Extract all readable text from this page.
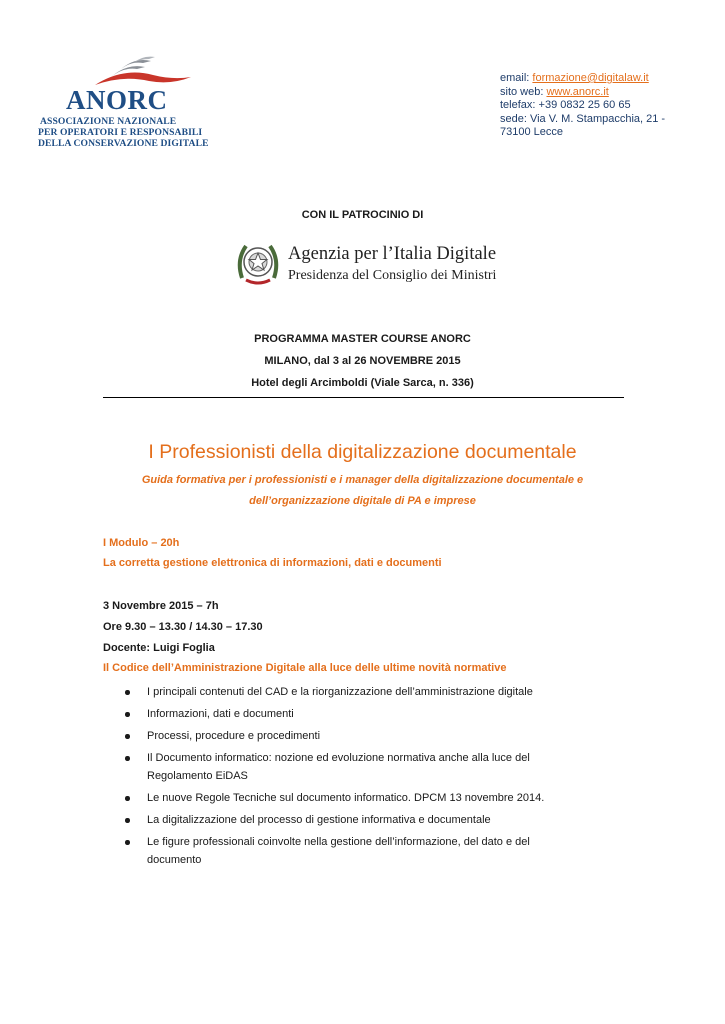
ANORC
ASSOCIAZIONE NAZIONALE
PER OPERATORI E RESPONSABILI
DELLA CONSERVAZIONE DIGITALE
email: formazione@digitalaw.it
sito web: www.anorc.it
telefax: +39 0832 25 60 65
sede: Via V. M. Stampacchia, 21 -
73100 Lecce
CON IL PATROCINIO DI
Agenzia per l’Italia Digitale
Presidenza del Consiglio dei Ministri
PROGRAMMA MASTER COURSE ANORC
MILANO, dal 3 al 26 NOVEMBRE 2015
Hotel degli Arcimboldi (Viale Sarca, n. 336)
I Professionisti della digitalizzazione documentale
Guida formativa per i professionisti e i manager della digitalizzazione documentale e
dell’organizzazione digitale di PA e imprese
I Modulo – 20h
La corretta gestione elettronica di informazioni, dati e documenti
3 Novembre 2015 – 7h
Ore 9.30 – 13.30 / 14.30 – 17.30
Docente: Luigi Foglia
Il Codice dell’Amministrazione Digitale alla luce delle ultime novità normative
I principali contenuti del CAD e la riorganizzazione dell’amministrazione digitale
Informazioni, dati e documenti
Processi, procedure e procedimenti
Il Documento informatico: nozione ed evoluzione normativa anche alla luce del
Regolamento EiDAS
Le nuove Regole Tecniche sul documento informatico. DPCM 13 novembre 2014.
La digitalizzazione del processo di gestione informativa e documentale
Le figure professionali coinvolte nella gestione dell’informazione, del dato e del
documento
